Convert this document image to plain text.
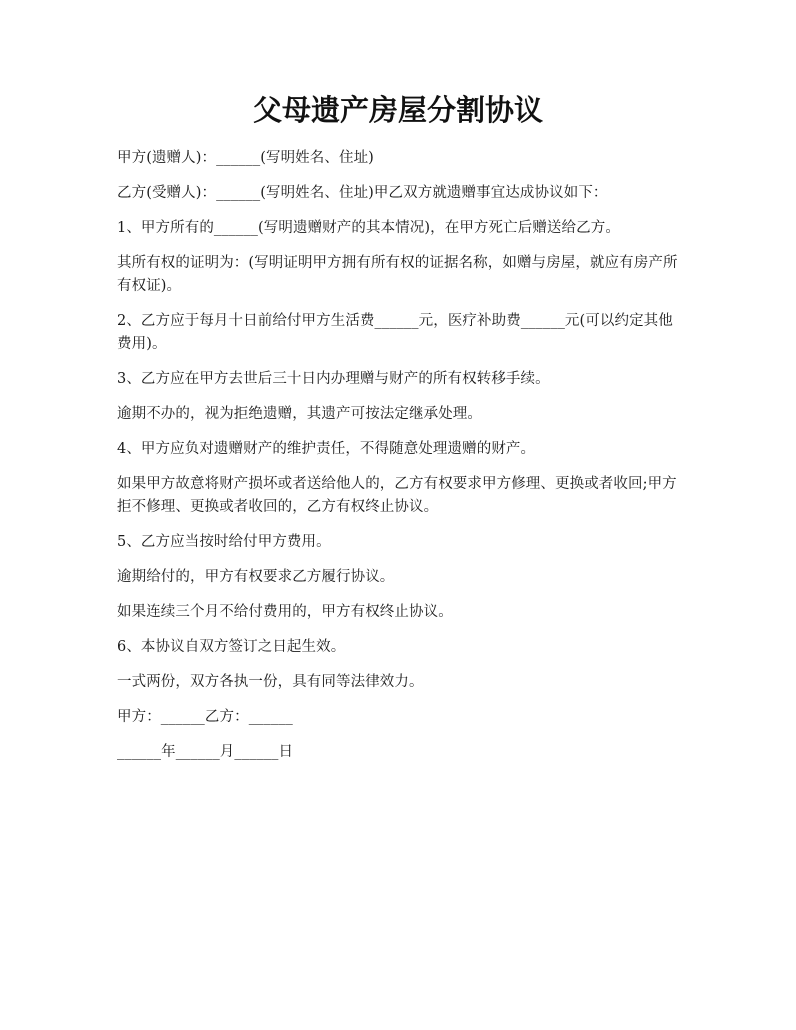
父母遗产房屋分割协议

甲方(遗赠人)：______(写明姓名、住址)

乙方(受赠人)：______(写明姓名、住址)甲乙双方就遗赠事宜达成协议如下：

1、甲方所有的______(写明遗赠财产的其本情况)，在甲方死亡后赠送给乙方。

其所有权的证明为：(写明证明甲方拥有所有权的证据名称，如赠与房屋，就应有房产所有权证)。

2、乙方应于每月十日前给付甲方生活费______元，医疗补助费______元(可以约定其他费用)。

3、乙方应在甲方去世后三十日内办理赠与财产的所有权转移手续。

逾期不办的，视为拒绝遗赠，其遗产可按法定继承处理。

4、甲方应负对遗赠财产的维护责任，不得随意处理遗赠的财产。

如果甲方故意将财产损坏或者送给他人的，乙方有权要求甲方修理、更换或者收回;甲方拒不修理、更换或者收回的，乙方有权终止协议。

5、乙方应当按时给付甲方费用。

逾期给付的，甲方有权要求乙方履行协议。

如果连续三个月不给付费用的，甲方有权终止协议。

6、本协议自双方签订之日起生效。

一式两份，双方各执一份，具有同等法律效力。

甲方：______乙方：______

______年______月______日
